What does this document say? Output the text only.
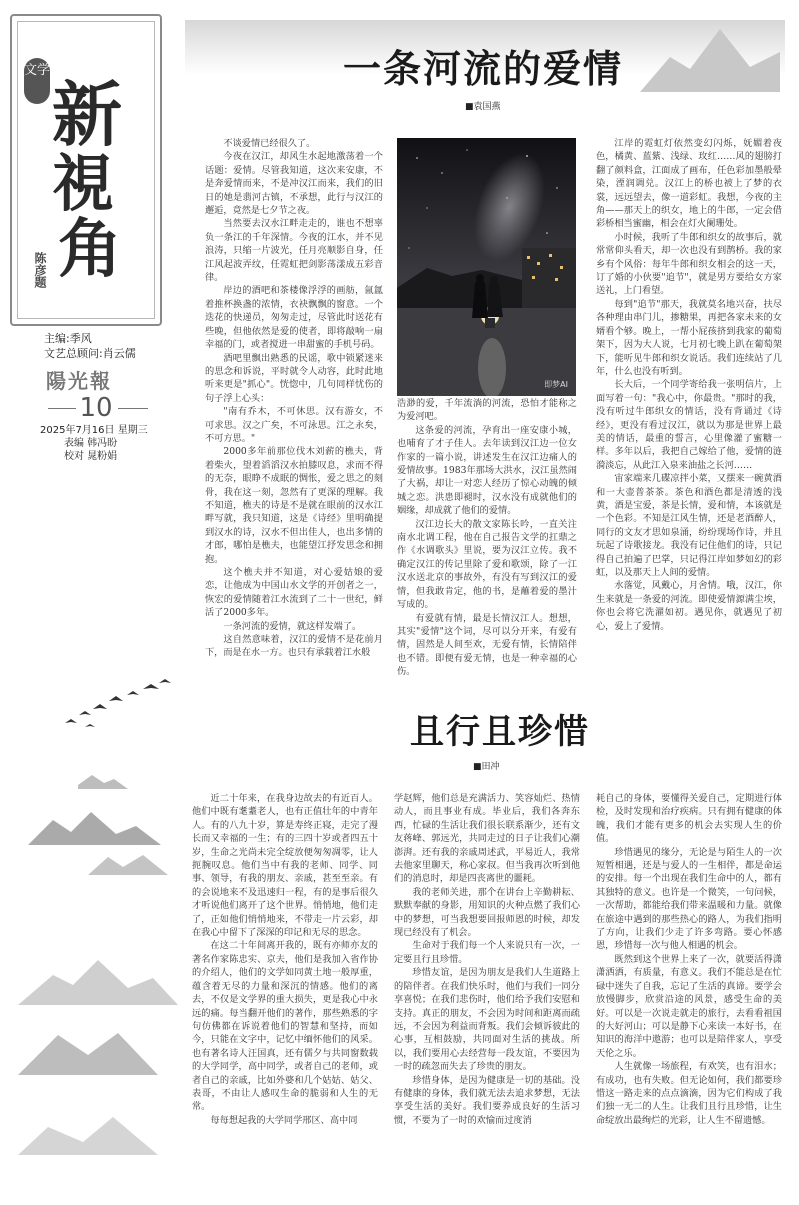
文学
新
視
角
陈彦题
主编:季风
文艺总顾问:肖云儒
陽光報
10
2025年7月16日 星期三
表编 韩冯盼
校对 晁粉娟
一条河流的爱情
■袁国燕

不谈爱情已经很久了。

今夜在汉江，却风生水起地激荡着一个话题：爱情。尽管我知道，这次来安康，不是奔爱情而来，不是冲汉江而来，我们的旧日的她是翡河古镇，不承想，此行与汉江的邂逅，竟然是七夕节之夜。

当然要去汉水江畔走走的，谁也不想辜负一条江的千年深情。今夜的江水，并不见浪涛，只缩一片波光，任月亮顺影自身，任江风起波弄纹，任霓虹把剑影荡漾成五彩音律。

岸边的酒吧和茶楼像浮浮的画舫，氤氲着推杯换盏的浓情，衣袂飘飘的窗意。一个迭花的快递员，匆匆走过，尽管此时送花有些晚，但他依然是爱的使者，即将敲响一扇幸福的门，或者搅进一串甜蜜的手机号码。

酒吧里飘出熟悉的民谣，歌中锁紧迷来的思念和诉说，平时就令人动容，此时此地听来更是"抓心"。恍惚中，几句同样忧伤的句子浮上心头：

"南有乔木，不可休思。汉有游女，不可求思。汉之广矣，不可泳思。江之永矣，不可方思。"

2000多年前那位伐木刘薪的樵夫，背着柴火，望着滔滔汉水拍膝叹息，求而不得的无奈，眼睁不成眠的惆怅，爱之思之的刻骨，我在这一刻，忽然有了更深的理解。我不知道，樵夫的诗是不是就在眼前的汉水江畔写就，我只知道，这是《诗经》里明确提到汉水的诗，汉水不但出佳人，也出多情的才郎，哪怕是樵夫，也能望江抒发思念和拥抱。

这个樵夫并不知道，对心爱姑娘的爱恋，让他成为中国山水文学的开创者之一，恢宏的爱情随着江水流到了二十一世纪，鲜活了2000多年。

一条河流的爱情，就这样发端了。

这自然意味着，汉江的爱情不是花前月下，而是在水一方。也只有承载着江水般

即梦AI

浩渺的爱，千年流淌的河流，恐怕才能称之为爱河吧。

这条爱的河流，孕育出一座安康小城，也哺育了才子佳人。去年读到汉江边一位女作家的一篇小说，讲述发生在汉江边痛人的爱情故事。1983年那场大洪水，汉江虽然闹了大祸，却让一对恋人经历了惊心动魄的倾城之恋。洪患即褪时，汉水没有成就他们的姻缘，却成就了他们的爱情。

汉江边长大的散文家陈长吟，一直关注南水北调工程，他在自己报告文学的扛鼎之作《水调歌头》里说，要为汉江立传。我不确定汉江的传记里除了爱和歌颂，除了一江汉水送北京的事故外，有没有写到汉江的爱情，但我敢肯定，他的书，是蘸着爱的墨汁写成的。

有爱就有情，最是长情汉江人。想想，其实"爱情"这个词，尽可以分开来，有爱有情，固然是人间至欢，无爱有情，长情陪伴也不错。即便有爱无情，也是一种幸福的心伤。

江岸的霓虹灯依然变幻闪烁，妩媚着夜色，橘黄、蓝紫、浅绿、玫红……风的翅膀打翻了颜料盒，江面成了画布，任色彩加墨般晕染，湮润调兑。汉江上的桥也被上了梦的衣裳，远远望去，像一道彩虹。我想，今夜的主角——那天上的织女，地上的牛郎，一定会借彩桥相当蜜幽，相会在灯火阑珊处。

小时候，我听了牛郎和织女的故事后，就常常仰头看天，却一次也没有到鹊桥。我的家乡有个风俗：每年牛郎和织女相会的这一天，订了婚的小伙要"追节"，就是男方要给女方家送礼，上门看望。

每到"追节"那天，我就莫名地兴奋，扶尽各种理由串门儿，掺糖果，再把各家未来的女婿看个够。晚上，一帮小屁孩挤到我家的葡萄架下，因为大人说，七月初七晚上趴在葡萄架下，能听见牛郎和织女说话。我们连续站了几年，什么也没有听到。

长大后，一个同学寄给我一张明信片，上面写着一句："我心中，你最贵。"那时的我，没有听过牛郎织女的情话，没有背诵过《诗经》，更没有看过汉江，就以为那是世界上最美的情话，最重的誓言，心里像灌了蜜糖一样。多年以后，我把自己嫁给了他，爱情的涟漪淡忘，从此江入泉来油盐之长河……

宙家端来几碟凉拌小菜，又摆来一碗黄酒和一大壶普茶茶。茶色和酒色都是清透的浅黄，酒是宝爱，茶是长情，爱和情，本该就是一个色彩。不知是江风生情，还是老酒醉人，同行的文友才思如泉涌，纷纷现场作诗，并且玩起了诗歌接龙。我没有记住他们的诗，只记得自己拍遍了巴掌，只记得江岸如梦如幻的彩虹，以及那天上人间的爱情。

水落觉，风戴心，月舍情。哦，汉江，你生来就是一条爱的河流。即使爱情源满尘埃，你也会将它洗濯如初。遇见你，就遇见了初心，爱上了爱情。

且行且珍惜
■田冲

近二十年来，在我身边故去的有近百人。他们中既有耄耋老人，也有正值壮年的中青年人。有的八九十岁，算是寿终正寝，走完了漫长而又幸福的一生；有的三四十岁或者四五十岁，生命之光尚未完全绽放便匆匆凋零，让人扼腕叹息。他们当中有我的老师、同学、同事、领导，有我的朋友、亲戚，甚至至亲。有的会说地来不及迅速归一程，有的是事后很久才听说他们离开了这个世界。悄悄地，他们走了，正如他们悄悄地来，不带走一片云彩，却在我心中留下了深深的印记和无尽的思念。

在这二十年间离开我的，既有亦师亦友的著名作家陈忠实、京夫，他们是我加入省作协的介绍人，他们的文学如同黄土地一般厚重，蕴含着无尽的力量和深沉的情感。他们的离去，不仅是文学界的重大损失，更是我心中永远的痛。每当翻开他们的著作，那些熟悉的字句仿佛都在诉说着他们的智慧和坚持，而如今，只能在文字中，记忆中缅怀他们的风采。也有著名诗人汪国真，还有儒夕与共同窗数载的大学同学，高中同学，或者自己的老师，或者自己的亲戚，比如外婆和几个姑姑、姑父、表哥，不由让人感叹生命的脆弱和人生的无常。

每每想起我的大学同学邢区、高中同

学赵辉，他们总是充满活力、笑容灿烂、热情动人，而且事业有成。毕业后，我们各奔东西，忙碌的生活让我们很长联系渐少，还有文友蒋峰、郭远光，共同走过的日子让我们心潮澎湃。还有我的亲戚周述武，平易近人，我常去他家里聊天，称心家叔。但当我再次听到他们的消息时，却是四丧离世的噩耗。

我的老师关进，那个在讲台上辛勤耕耘、默默奉献的身影，用知识的火种点燃了我们心中的梦想，可当我想要回报师恩的时候，却发现已经没有了机会。

生命对于我们每一个人来说只有一次，一定要且行且珍惜。

珍惜友谊，是因为朋友是我们人生道路上的陪伴者。在我们快乐时，他们与我们一同分享喜悦；在我们悲伤时，他们给予我们安慰和支持。真正的朋友，不会因为时间和距离而疏远，不会因为利益而背叛。我们会倾诉彼此的心事，互相鼓励，共同面对生活的挑战。所以，我们要用心去经营每一段友谊，不要因为一时的疏忽而失去了珍贵的朋友。

珍惜身体，是因为健康是一切的基础。没有健康的身体，我们就无法去追求梦想，无法享受生活的美好。我们要养成良好的生活习惯，不要为了一时的欢愉而过度消

耗自己的身体，要懂得关爱自己，定期进行体检，及时发现和治疗疾病。只有拥有健康的体魄，我们才能有更多的机会去实现人生的价值。

珍惜遇见的缘分，无论是与陌生人的一次短暂相遇，还是与爱人的一生相伴，都是命运的安排。每一个出现在我们生命中的人，都有其独特的意义。也许是一个微笑，一句问候，一次帮助，都能给我们带来温暖和力量。就像在旅途中遇到的那些热心的路人，为我们指明了方向，让我们少走了许多弯路。要心怀感恩，珍惜每一次与他人相遇的机会。

既然到这个世界上来了一次，就要活得潇潇洒洒，有质量，有意义。我们不能总是在忙碌中迷失了自我，忘记了生活的真谛。要学会放慢脚步，欣赏沿途的风景，感受生命的美好。可以是一次说走就走的旅行，去看看祖国的大好河山；可以是静下心来读一本好书，在知识的海洋中遨游；也可以是陪伴家人，享受天伦之乐。

人生就像一场旅程，有欢笑，也有泪水；有成功，也有失败。但无论如何，我们都要珍惜这一路走来的点点滴滴，因为它们构成了我们独一无二的人生。让我们且行且珍惜，让生命绽放出最绚烂的光彩，让人生不留遗憾。
